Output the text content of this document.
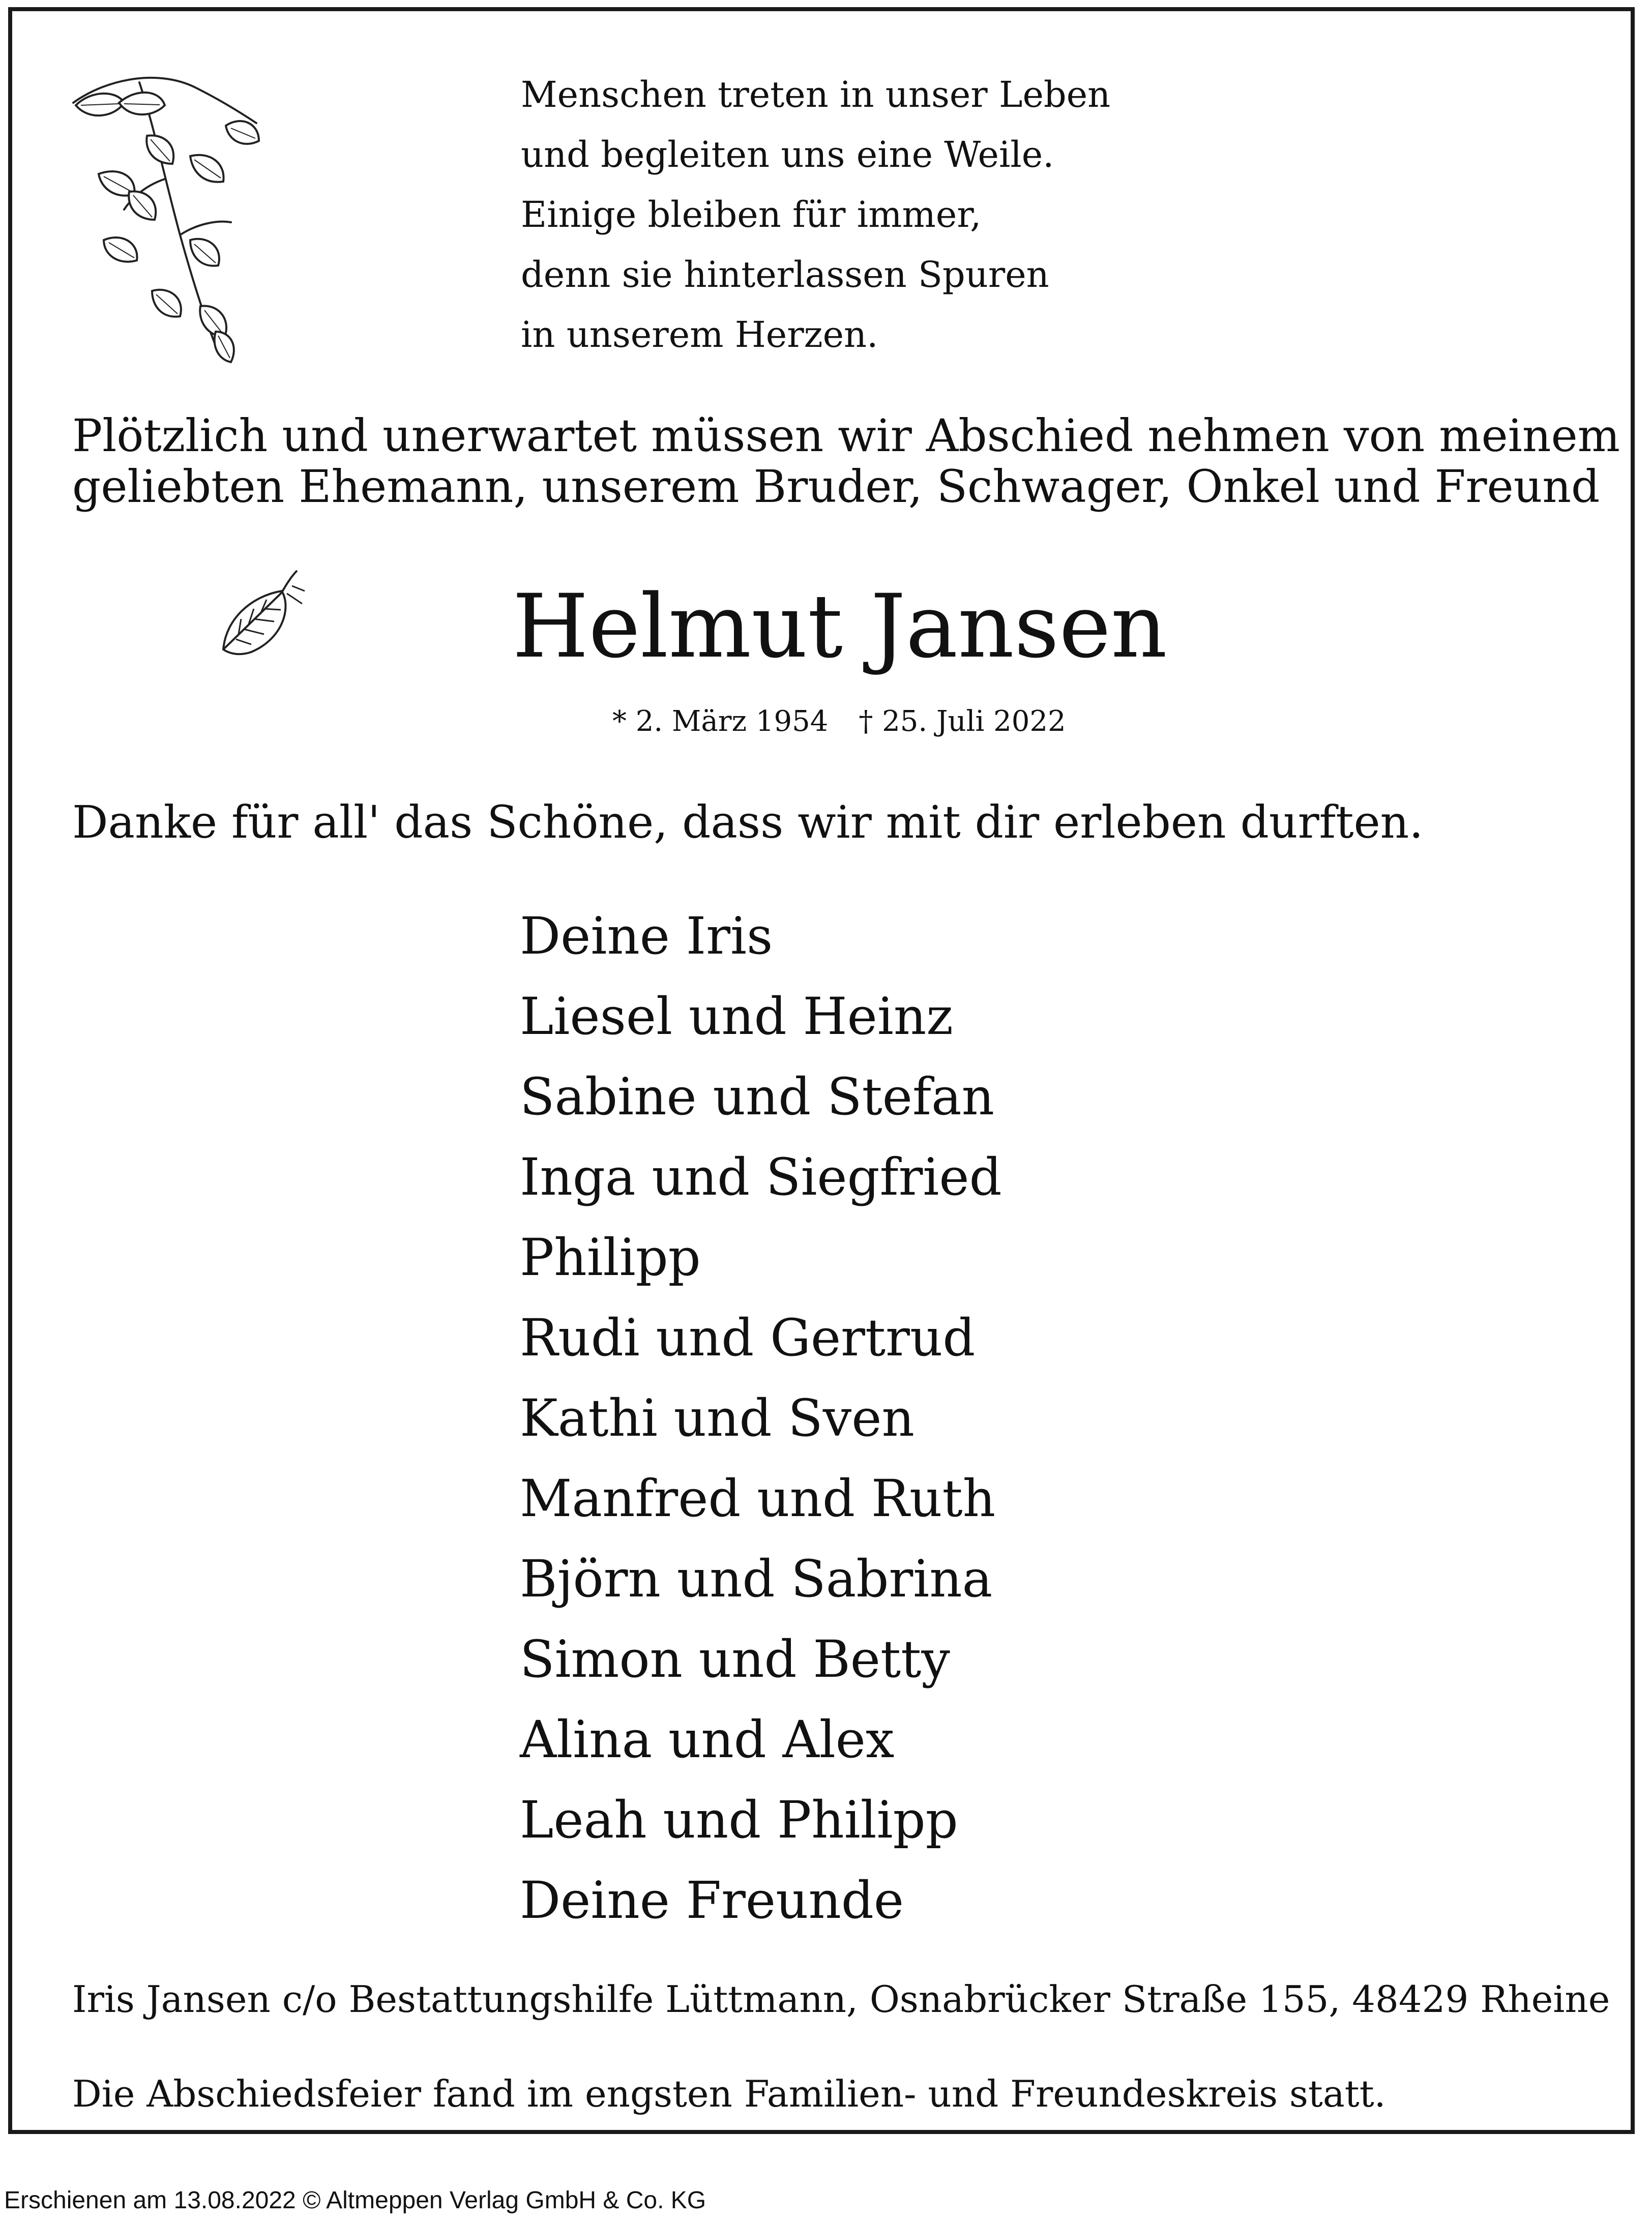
Menschen treten in unser Leben
und begleiten uns eine Weile.
Einige bleiben für immer,
denn sie hinterlassen Spuren
in unserem Herzen.
Plötzlich und unerwartet müssen wir Abschied nehmen von meinem
geliebten Ehemann, unserem Bruder, Schwager, Onkel und Freund
Helmut Jansen
* 2. März 1954 † 25. Juli 2022
Danke für all' das Schöne, dass wir mit dir erleben durften.
Deine Iris
Liesel und Heinz
Sabine und Stefan
Inga und Siegfried
Philipp
Rudi und Gertrud
Kathi und Sven
Manfred und Ruth
Björn und Sabrina
Simon und Betty
Alina und Alex
Leah und Philipp
Deine Freunde
Iris Jansen c/o Bestattungshilfe Lüttmann, Osnabrücker Straße 155, 48429 Rheine
Die Abschiedsfeier fand im engsten Familien- und Freundeskreis statt.
Erschienen am 13.08.2022 © Altmeppen Verlag GmbH & Co. KG
